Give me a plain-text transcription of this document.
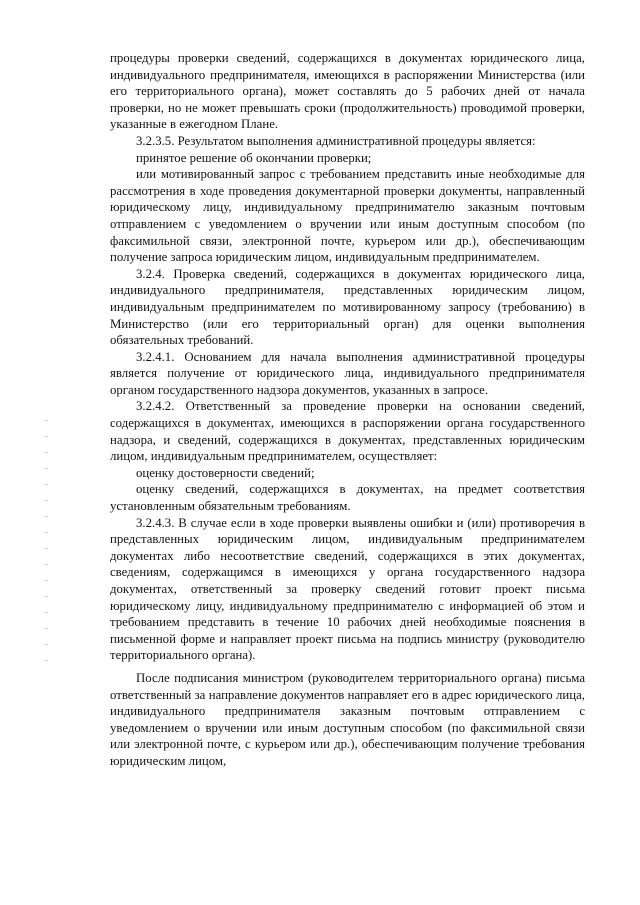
процедуры проверки сведений, содержащихся в документах юридического лица, индивидуального предпринимателя, имеющихся в распоряжении Министерства (или его территориального органа), может составлять до 5 рабочих дней от начала проверки, но не может превышать сроки (продолжительность) проводимой проверки, указанные в ежегодном Плане.

3.2.3.5. Результатом выполнения административной процедуры является:

принятое решение об окончании проверки;

или мотивированный запрос с требованием представить иные необходимые для рассмотрения в ходе проведения документарной проверки документы, направленный юридическому лицу, индивидуальному предпринимателю заказным почтовым отправлением с уведомлением о вручении или иным доступным способом (по факсимильной связи, электронной почте, курьером или др.), обеспечивающим получение запроса юридическим лицом, индивидуальным предпринимателем.

3.2.4. Проверка сведений, содержащихся в документах юридического лица, индивидуального предпринимателя, представленных юридическим лицом, индивидуальным предпринимателем по мотивированному запросу (требованию) в Министерство (или его территориальный орган) для оценки выполнения обязательных требований.

3.2.4.1. Основанием для начала выполнения административной процедуры является получение от юридического лица, индивидуального предпринимателя органом государственного надзора документов, указанных в запросе.

3.2.4.2. Ответственный за проведение проверки на основании сведений, содержащихся в документах, имеющихся в распоряжении органа государственного надзора, и сведений, содержащихся в документах, представленных юридическим лицом, индивидуальным предпринимателем, осуществляет:

оценку достоверности сведений;

оценку сведений, содержащихся в документах, на предмет соответствия установленным обязательным требованиям.

3.2.4.3. В случае если в ходе проверки выявлены ошибки и (или) противоречия в представленных юридическим лицом, индивидуальным предпринимателем документах либо несоответствие сведений, содержащихся в этих документах, сведениям, содержащимся в имеющихся у органа государственного надзора документах, ответственный за проверку сведений готовит проект письма юридическому лицу, индивидуальному предпринимателю с информацией об этом и требованием представить в течение 10 рабочих дней необходимые пояснения в письменной форме и направляет проект письма на подпись министру (руководителю территориального органа).

После подписания министром (руководителем территориального органа) письма ответственный за направление документов направляет его в адрес юридического лица, индивидуального предпринимателя заказным почтовым отправлением с уведомлением о вручении или иным доступным способом (по факсимильной связи или электронной почте, с курьером или др.), обеспечивающим получение требования юридическим лицом,
